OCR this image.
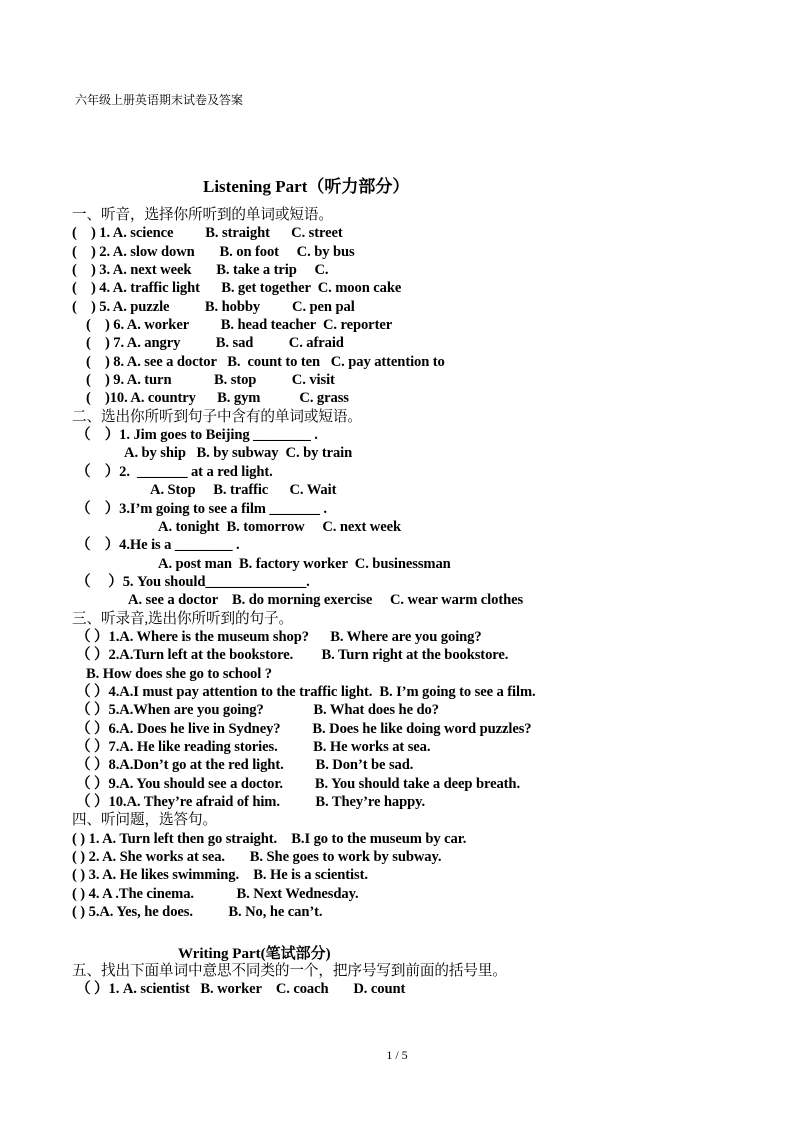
六年级上册英语期末试卷及答案
Listening Part（听力部分）
一、听音，选择你所听到的单词或短语。
(    ) 1. A. science         B. straight      C. street
(    ) 2. A. slow down       B. on foot     C. by bus
(    ) 3. A. next week       B. take a trip     C.
(    ) 4. A. traffic light      B. get together  C. moon cake
(    ) 5. A. puzzle          B. hobby         C. pen pal
(    ) 6. A. worker         B. head teacher  C. reporter
(    ) 7. A. angry          B. sad          C. afraid
(    ) 8. A. see a doctor   B.  count to ten   C. pay attention to
(    ) 9. A. turn            B. stop          C. visit
(    )10. A. country      B. gym           C. grass
二、选出你所听到句子中含有的单词或短语。
（    ）1. Jim goes to Beijing ________ .
A. by ship   B. by subway  C. by train
（    ）2.  _______ at a red light.
A. Stop     B. traffic      C. Wait
（    ）3.I’m going to see a film _______ .
A. tonight  B. tomorrow     C. next week
（    ）4.He is a ________ .
A. post man  B. factory worker  C. businessman
（     ）5. You should______________.
A. see a doctor    B. do morning exercise     C. wear warm clothes
三、听录音,选出你所听到的句子。
（ ）1.A. Where is the museum shop?      B. Where are you going?
（ ）2.A.Turn left at the bookstore.        B. Turn right at the bookstore.
B. How does she go to school ?
（ ）4.A.I must pay attention to the traffic light.  B. I’m going to see a film.
（ ）5.A.When are you going?              B. What does he do?
（ ）6.A. Does he live in Sydney?         B. Does he like doing word puzzles?
（ ）7.A. He like reading stories.          B. He works at sea.
（ ）8.A.Don’t go at the red light.         B. Don’t be sad.
（ ）9.A. You should see a doctor.         B. You should take a deep breath.
（ ）10.A. They’re afraid of him.          B. They’re happy.
四、听问题，选答句。
( ) 1. A. Turn left then go straight.    B.I go to the museum by car.
( ) 2. A. She works at sea.       B. She goes to work by subway.
( ) 3. A. He likes swimming.    B. He is a scientist.
( ) 4. A .The cinema.            B. Next Wednesday.
( ) 5.A. Yes, he does.          B. No, he can’t.
Writing Part(笔试部分)
五、找出下面单词中意思不同类的一个，把序号写到前面的括号里。
（ ）1. A. scientist   B. worker    C. coach       D. count
1 / 5
